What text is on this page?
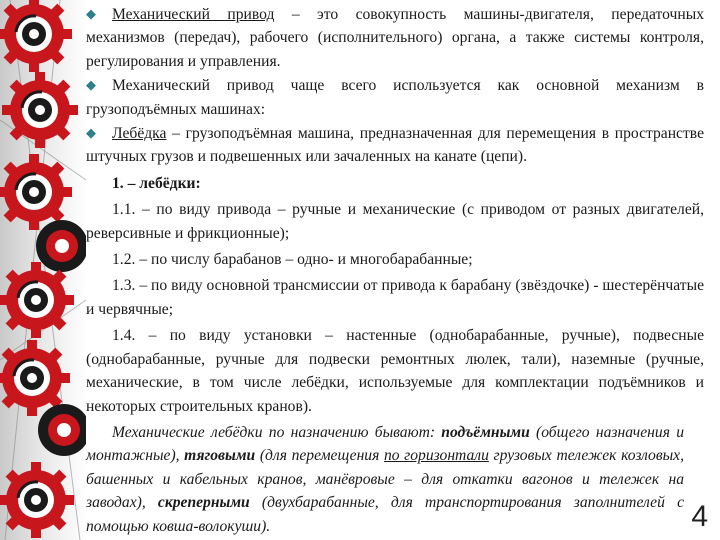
◆ Механический привод – это совокупность машины-двигателя, передаточных механизмов (передач), рабочего (исполнительного) органа, а также системы контроля, регулирования и управления.

◆ Механический привод чаще всего используется как основной механизм в грузоподъёмных машинах:

◆ Лебёдка – грузоподъёмная машина, предназначенная для перемещения в пространстве штучных грузов и подвешенных или зачаленных на канате (цепи).

1. – лебёдки:

1.1. – по виду привода – ручные и механические (с приводом от разных двигателей, реверсивные и фрикционные);

1.2. – по числу барабанов – одно- и многобарабанные;

1.3. – по виду основной трансмиссии от привода к барабану (звёздочке) - шестерёнчатые и червячные;

1.4. – по виду установки – настенные (однобарабанные, ручные), подвесные (однобарабанные, ручные для подвески ремонтных люлек, тали), наземные (ручные, механические, в том числе лебёдки, используемые для комплектации подъёмников и некоторых строительных кранов).

Механические лебёдки по назначению бывают: подъёмными (общего назначения и монтажные), тяговыми (для перемещения по горизонтали грузовых тележек козловых, башенных и кабельных кранов, манёвровые – для откатки вагонов и тележек на заводах), скреперными (двухбарабанные, для транспортирования заполнителей с помощью ковша-волокуши).	4
